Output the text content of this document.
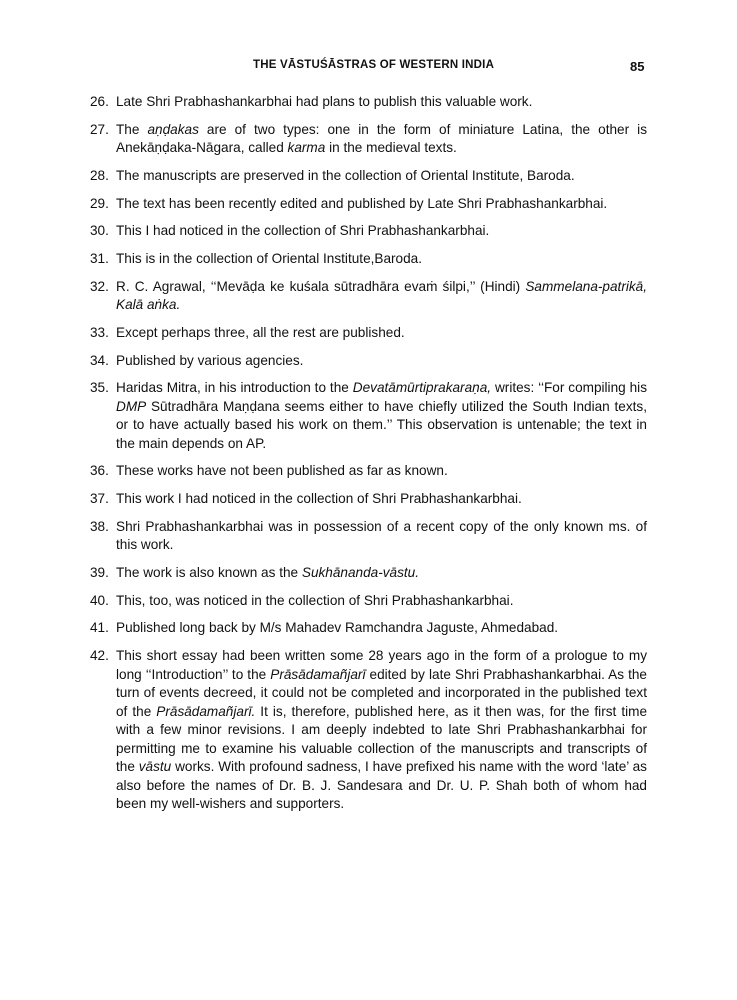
THE VĀSTUŚĀSTRAS OF WESTERN INDIA	85
26. Late Shri Prabhashankarbhai had plans to publish this valuable work.
27. The aṇḍakas are of two types: one in the form of miniature Latina, the other is Anekāṇḍaka-Nāgara, called karma in the medieval texts.
28. The manuscripts are preserved in the collection of Oriental Institute, Baroda.
29. The text has been recently edited and published by Late Shri Prabhashankarbhai.
30. This I had noticed in the collection of Shri Prabhashankarbhai.
31. This is in the collection of Oriental Institute,Baroda.
32. R. C. Agrawal, ‘‘Mevāḍa ke kuśala sūtradhāra evaṁ śilpi,’’ (Hindi) Sammelana-patrikā, Kalā aṅka.
33. Except perhaps three, all the rest are published.
34. Published by various agencies.
35. Haridas Mitra, in his introduction to the Devatāmūrtiprakaraṇa, writes: ‘‘For compiling his DMP Sūtradhāra Maṇḍana seems either to have chiefly utilized the South Indian texts, or to have actually based his work on them.’’ This observation is untenable; the text in the main depends on AP.
36. These works have not been published as far as known.
37. This work I had noticed in the collection of Shri Prabhashankarbhai.
38. Shri Prabhashankarbhai was in possession of a recent copy of the only known ms. of this work.
39. The work is also known as the Sukhānanda-vāstu.
40. This, too, was noticed in the collection of Shri Prabhashankarbhai.
41. Published long back by M/s Mahadev Ramchandra Jaguste, Ahmedabad.
42. This short essay had been written some 28 years ago in the form of a prologue to my long ‘‘Introduction’’ to the Prāsādamañjarī edited by late Shri Prabhashankarbhai. As the turn of events decreed, it could not be completed and incorporated in the published text of the Prāsādamañjarī. It is, therefore, published here, as it then was, for the first time with a few minor revisions. I am deeply indebted to late Shri Prabhashankarbhai for permitting me to examine his valuable collection of the manuscripts and transcripts of the vāstu works. With profound sadness, I have prefixed his name with the word ‘late’ as also before the names of Dr. B. J. Sandesara and Dr. U. P. Shah both of whom had been my well-wishers and supporters.
